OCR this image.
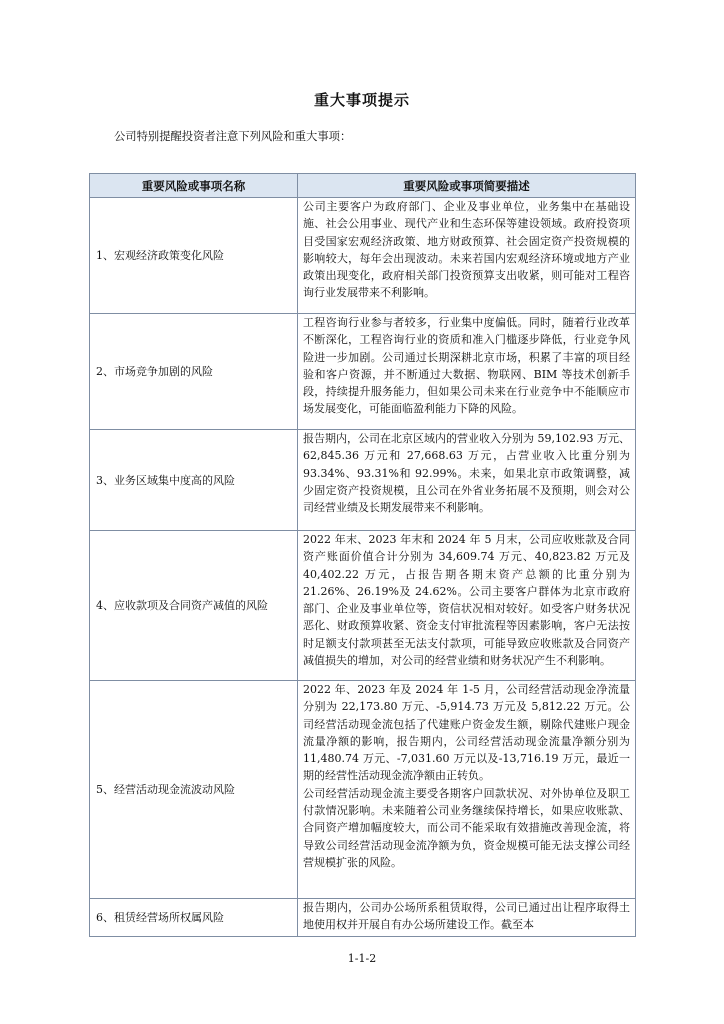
重大事项提示
公司特别提醒投资者注意下列风险和重大事项：
重要风险或事项名称	重要风险或事项简要描述
1、宏观经济政策变化风险	公司主要客户为政府部门、企业及事业单位，业务集中在基础设施、社会公用事业、现代产业和生态环保等建设领域。政府投资项目受国家宏观经济政策、地方财政预算、社会固定资产投资规模的影响较大，每年会出现波动。未来若国内宏观经济环境或地方产业政策出现变化，政府相关部门投资预算支出收紧，则可能对工程咨询行业发展带来不利影响。

2、市场竞争加剧的风险	工程咨询行业参与者较多，行业集中度偏低。同时，随着行业改革不断深化，工程咨询行业的资质和准入门槛逐步降低，行业竞争风险进一步加剧。公司通过长期深耕北京市场，积累了丰富的项目经验和客户资源，并不断通过大数据、物联网、BIM 等技术创新手段，持续提升服务能力，但如果公司未来在行业竞争中不能顺应市场发展变化，可能面临盈利能力下降的风险。

3、业务区域集中度高的风险	报告期内，公司在北京区域内的营业收入分别为 59,102.93 万元、62,845.36 万元和 27,668.63 万元，占营业收入比重分别为 93.34%、93.31%和 92.99%。未来，如果北京市政策调整，减少固定资产投资规模，且公司在外省业务拓展不及预期，则会对公司经营业绩及长期发展带来不利影响。

4、应收款项及合同资产减值的风险	2022 年末、2023 年末和 2024 年 5 月末，公司应收账款及合同资产账面价值合计分别为 34,609.74 万元、40,823.82 万元及 40,402.22 万元，占报告期各期末资产总额的比重分别为 21.26%、26.19%及 24.62%。公司主要客户群体为北京市政府部门、企业及事业单位等，资信状况相对较好。如受客户财务状况恶化、财政预算收紧、资金支付审批流程等因素影响，客户无法按时足额支付款项甚至无法支付款项，可能导致应收账款及合同资产减值损失的增加，对公司的经营业绩和财务状况产生不利影响。

5、经营活动现金流波动风险	2022 年、2023 年及 2024 年 1-5 月，公司经营活动现金净流量分别为 22,173.80 万元、-5,914.73 万元及 5,812.22 万元。公司经营活动现金流包括了代建账户资金发生额，剔除代建账户现金流量净额的影响，报告期内，公司经营活动现金流量净额分别为 11,480.74 万元、-7,031.60 万元以及-13,716.19 万元，最近一期的经营性活动现金流净额由正转负。

公司经营活动现金流主要受各期客户回款状况、对外协单位及职工付款情况影响。未来随着公司业务继续保持增长，如果应收账款、合同资产增加幅度较大，而公司不能采取有效措施改善现金流，将导致公司经营活动现金流净额为负，资金规模可能无法支撑公司经营规模扩张的风险。

6、租赁经营场所权属风险	报告期内，公司办公场所系租赁取得，公司已通过出让程序取得土地使用权并开展自有办公场所建设工作。截至本

1-1-2
